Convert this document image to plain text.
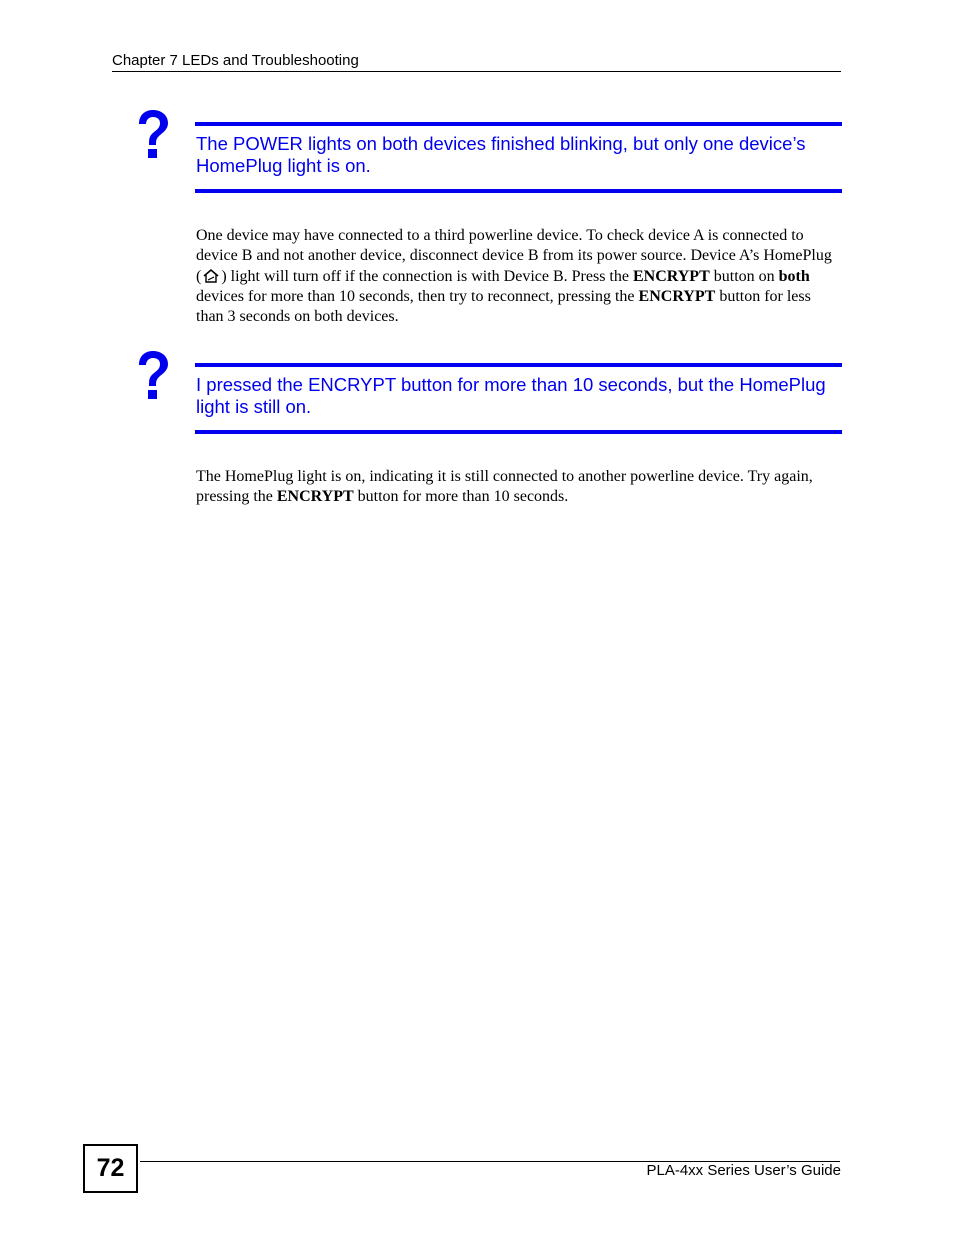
Chapter 7 LEDs and Troubleshooting
The POWER lights on both devices finished blinking, but only one device’s HomePlug light is on.
One device may have connected to a third powerline device. To check device A is connected to device B and not another device, disconnect device B from its power source. Device A’s HomePlug ( ) light will turn off if the connection is with Device B. Press the ENCRYPT button on both devices for more than 10 seconds, then try to reconnect, pressing the ENCRYPT button for less than 3 seconds on both devices.
I pressed the ENCRYPT button for more than 10 seconds, but the HomePlug light is still on.
The HomePlug light is on, indicating it is still connected to another powerline device. Try again, pressing the ENCRYPT button for more than 10 seconds.
72	PLA-4xx Series User’s Guide
